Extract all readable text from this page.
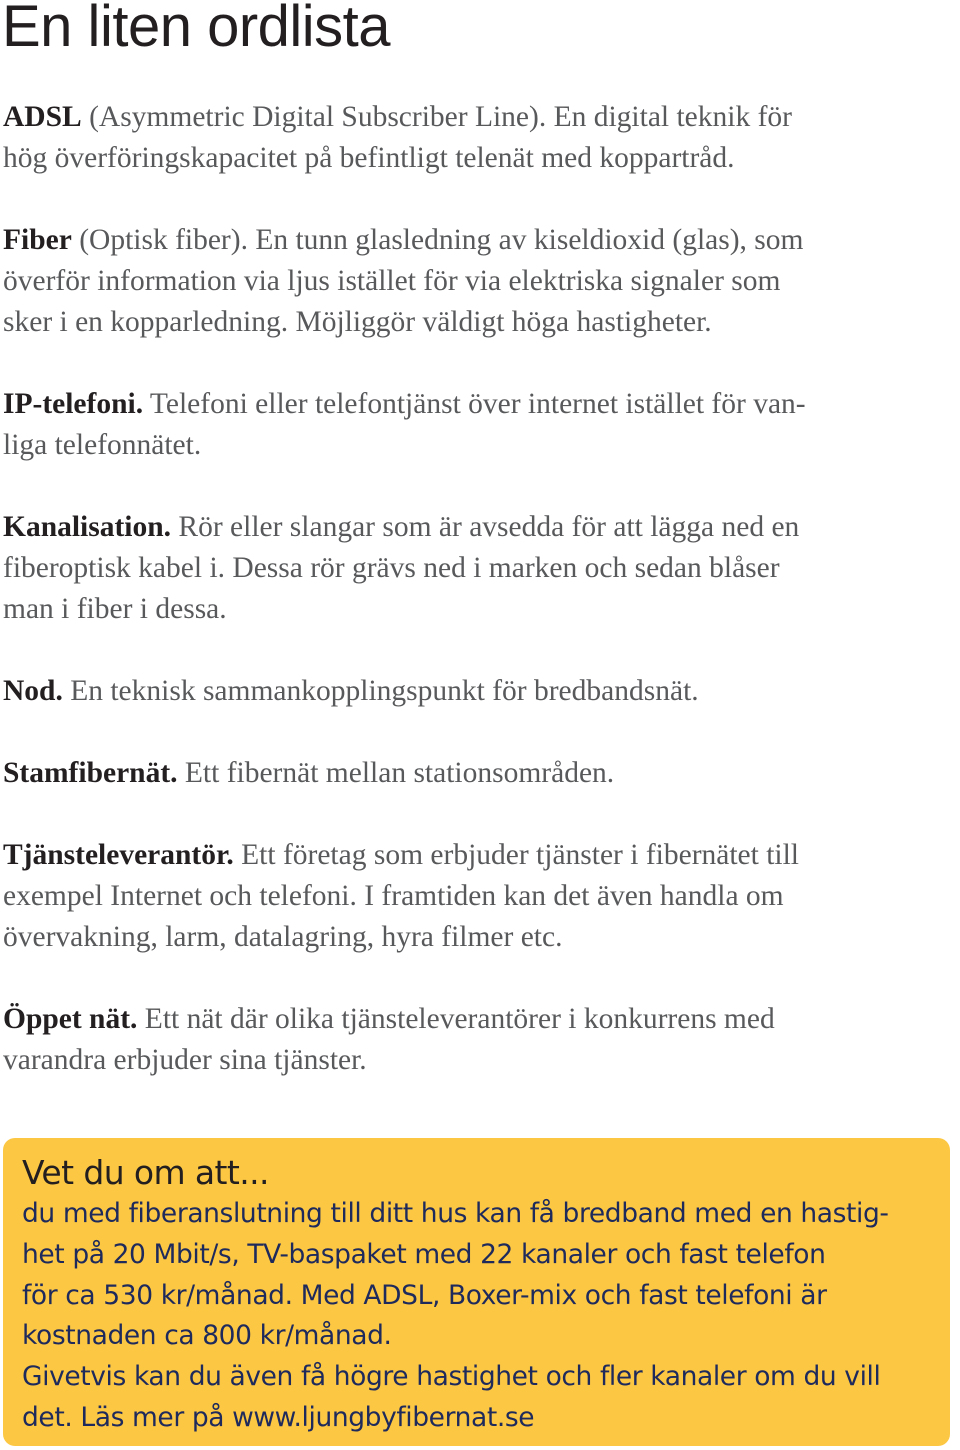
En liten ordlista
ADSL (Asymmetric Digital Subscriber Line). En digital teknik för
hög överföringskapacitet på befintligt telenät med koppartråd.
Fiber (Optisk fiber). En tunn glasledning av kiseldioxid (glas), som
överför information via ljus istället för via elektriska signaler som
sker i en kopparledning. Möjliggör väldigt höga hastigheter.
IP-telefoni. Telefoni eller telefontjänst över internet istället för van-
liga telefonnätet.
Kanalisation. Rör eller slangar som är avsedda för att lägga ned en
fiberoptisk kabel i. Dessa rör grävs ned i marken och sedan blåser
man i fiber i dessa.
Nod. En teknisk sammankopplingspunkt för bredbandsnät.
Stamfibernät. Ett fibernät mellan stationsområden.
Tjänsteleverantör. Ett företag som erbjuder tjänster i fibernätet till
exempel Internet och telefoni. I framtiden kan det även handla om
övervakning, larm, datalagring, hyra filmer etc.
Öppet nät. Ett nät där olika tjänsteleverantörer i konkurrens med
varandra erbjuder sina tjänster.
Vet du om att...
du med fiberanslutning till ditt hus kan få bredband med en hastig-
het på 20 Mbit/s, TV-baspaket med 22 kanaler och fast telefon
för ca 530 kr/månad. Med ADSL, Boxer-mix och fast telefoni är
kostnaden ca 800 kr/månad.
Givetvis kan du även få högre hastighet och fler kanaler om du vill
det. Läs mer på www.ljungbyfibernat.se
